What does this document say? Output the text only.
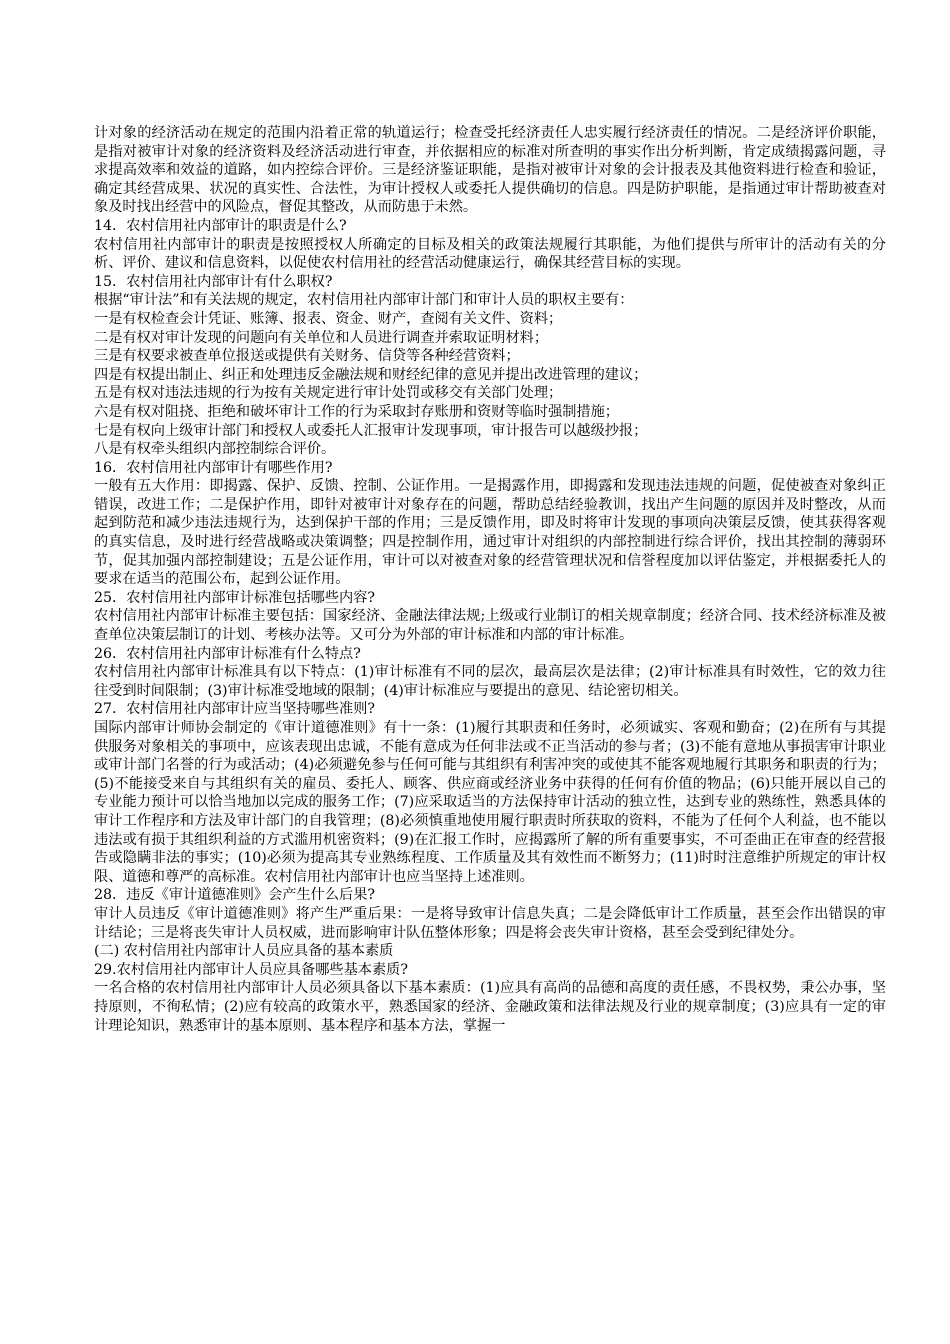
计对象的经济活动在规定的范围内沿着正常的轨道运行；检查受托经济责任人忠实履行经济责任的情况。二是经济评价职能，是指对被审计对象的经济资料及经济活动进行审查，并依据相应的标准对所查明的事实作出分析判断，肯定成绩揭露问题，寻求提高效率和效益的道路，如内控综合评价。三是经济鉴证职能，是指对被审计对象的会计报表及其他资料进行检查和验证，确定其经营成果、状况的真实性、合法性，为审计授权人或委托人提供确切的信息。四是防护职能，是指通过审计帮助被查对象及时找出经营中的风险点，督促其整改，从而防患于未然。

14．农村信用社内部审计的职责是什么?

农村信用社内部审计的职责是按照授权人所确定的目标及相关的政策法规履行其职能，为他们提供与所审计的活动有关的分析、评价、建议和信息资料，以促使农村信用社的经营活动健康运行，确保其经营目标的实现。

15．农村信用社内部审计有什么职权?

根据“审计法”和有关法规的规定，农村信用社内部审计部门和审计人员的职权主要有：

一是有权检查会计凭证、账簿、报表、资金、财产，查阅有关文件、资料；

二是有权对审计发现的问题向有关单位和人员进行调查并索取证明材料；

三是有权要求被查单位报送或提供有关财务、信贷等各种经营资料；

四是有权提出制止、纠正和处理违反金融法规和财经纪律的意见并提出改进管理的建议；

五是有权对违法违规的行为按有关规定进行审计处罚或移交有关部门处理；

六是有权对阻挠、拒绝和破坏审计工作的行为采取封存账册和资财等临时强制措施；

七是有权向上级审计部门和授权人或委托人汇报审计发现事项，审计报告可以越级抄报；

八是有权牵头组织内部控制综合评价。

16．农村信用社内部审计有哪些作用?

一般有五大作用：即揭露、保护、反馈、控制、公证作用。一是揭露作用，即揭露和发现违法违规的问题，促使被查对象纠正错误，改进工作；二是保护作用，即针对被审计对象存在的问题，帮助总结经验教训，找出产生问题的原因并及时整改，从而起到防范和减少违法违规行为，达到保护干部的作用；三是反馈作用，即及时将审计发现的事项向决策层反馈，使其获得客观的真实信息，及时进行经营战略或决策调整；四是控制作用，通过审计对组织的内部控制进行综合评价，找出其控制的薄弱环节，促其加强内部控制建设；五是公证作用，审计可以对被查对象的经营管理状况和信誉程度加以评估鉴定，并根据委托人的要求在适当的范围公布，起到公证作用。

25．农村信用社内部审计标准包括哪些内容?

农村信用社内部审计标准主要包括：国家经济、金融法律法规;上级或行业制订的相关规章制度；经济合同、技术经济标准及被查单位决策层制订的计划、考核办法等。又可分为外部的审计标准和内部的审计标准。

26．农村信用社内部审计标准有什么特点?

农村信用社内部审计标准具有以下特点：(1)审计标准有不同的层次，最高层次是法律；(2)审计标准具有时效性，它的效力往往受到时间限制；(3)审计标准受地域的限制；(4)审计标准应与要提出的意见、结论密切相关。

27．农村信用社内部审计应当坚持哪些准则?

国际内部审计师协会制定的《审计道德准则》有十一条：(1)履行其职责和任务时，必须诚实、客观和勤奋；(2)在所有与其提供服务对象相关的事项中，应该表现出忠诚，不能有意成为任何非法或不正当活动的参与者；(3)不能有意地从事损害审计职业或审计部门名誉的行为或活动；(4)必须避免参与任何可能与其组织有利害冲突的或使其不能客观地履行其职务和职责的行为；(5)不能接受来自与其组织有关的雇员、委托人、顾客、供应商或经济业务中获得的任何有价值的物品；(6)只能开展以自己的专业能力预计可以恰当地加以完成的服务工作；(7)应采取适当的方法保持审计活动的独立性，达到专业的熟练性，熟悉具体的审计工作程序和方法及审计部门的自我管理；(8)必须慎重地使用履行职责时所获取的资料，不能为了任何个人利益，也不能以违法或有损于其组织利益的方式滥用机密资料；(9)在汇报工作时，应揭露所了解的所有重要事实，不可歪曲正在审查的经营报告或隐瞒非法的事实；(10)必须为提高其专业熟练程度、工作质量及其有效性而不断努力；(11)时时注意维护所规定的审计权限、道德和尊严的高标准。农村信用社内部审计也应当坚持上述准则。

28．违反《审计道德准则》会产生什么后果?

审计人员违反《审计道德准则》将产生严重后果：一是将导致审计信息失真；二是会降低审计工作质量，甚至会作出错误的审计结论；三是将丧失审计人员权威，进而影响审计队伍整体形象；四是将会丧失审计资格，甚至会受到纪律处分。

(二) 农村信用社内部审计人员应具备的基本素质

29.农村信用社内部审计人员应具备哪些基本素质?

一名合格的农村信用社内部审计人员必须具备以下基本素质：(1)应具有高尚的品德和高度的责任感，不畏权势，秉公办事，坚持原则，不徇私情；(2)应有较高的政策水平，熟悉国家的经济、金融政策和法律法规及行业的规章制度；(3)应具有一定的审计理论知识，熟悉审计的基本原则、基本程序和基本方法，掌握一
